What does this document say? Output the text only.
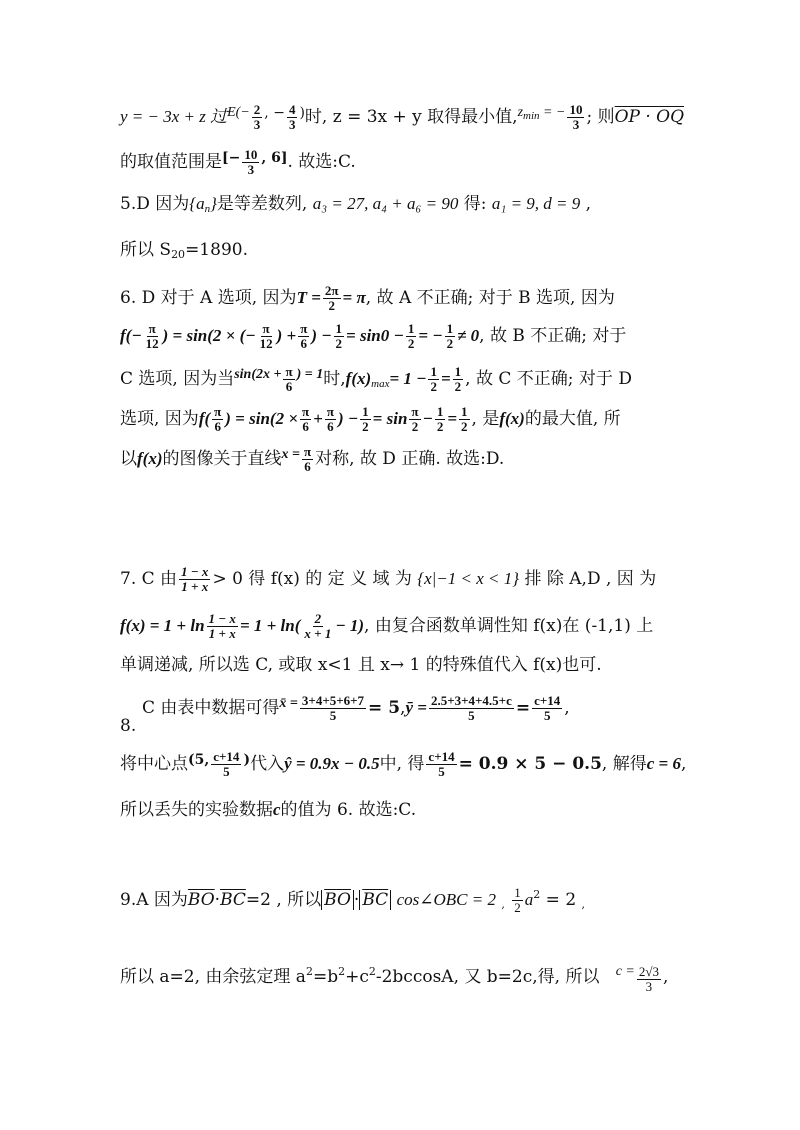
y = − 3x + z 过$E(- \frac{2}{3}$ , − $\frac{4}{3}$ )时, z = 3x + y 取得最小值$,z_{min}$ = − $\frac{10}{3}$ ; 则OP · OQ
的取值范围是[− $\frac{10}{3}$ , 6]. 故选:C.
5.D 因为$\{a_n\}$是等差数列, a₃ = 27, a₄ + a₆ = 90 得: a₁ = 9, d = 9 ,
所以 $S_{20}=1890$.
6. D 对于 A 选项, 因为$T = \frac{2\pi}{2} = \pi$, 故 A 不正确; 对于 B 选项, 因为
$f(- \frac{\pi}{12}$ ) = sin(2 × (− $\frac{\pi}{12}$ ) + $\frac{\pi}{6}$ ) − $\frac{1}{2} = \sin 0 - \frac{1}{2}$ = − $\frac{1}{2} \ne 0$, 故 B 不正确; 对于
C 选项, 因为当$\sin(2x + \frac{\pi}{6}$ ) = 1时$,f(x)_{max}= 1 - \frac{1}{2} = \frac{1}{2}$ , 故 C 不正确; 对于 D
选项, 因为$f( \frac{\pi}{6}$ ) = $\sin(2 \times \frac{\pi}{6} + \frac{\pi}{6}$ ) − $\frac{1}{2} = \sin \frac{\pi}{2} - \frac{1}{2} = \frac{1}{2}$ , 是f(x)的最大值, 所
以f(x)的图像关于直线$x = \frac{\pi}{6}$ 对称, 故 D 正确. 故选:D.
7. C 由 $\frac{1 - x}{1 + x} > 0$ 得 f(x) 的 定 义 域 为 {x|−1 < x < 1} 排 除 A,D , 因 为
$f(x) = 1 + \ln \frac{1 - x}{1 + x} = 1 + \ln( \frac{2}{x + 1} - 1)$, 由复合函数单调性知 f(x)在 (-1,1) 上
单调递减, 所以选 C, 或取 x<1 且 x→ 1 的特殊值代入 f(x)也可.
C 由表中数据可得x̄ = $\frac{3+4+5+6+7}{5}$ = 5,ȳ = $\frac{2.5+3+4+4.5+c}{5} = \frac{c+14}{5}$ ,
8.
将中心点(5, $\frac{c+14}{5}$ )代入ŷ = 0.9x − 0.5中, 得 $\frac{c+14}{5} = 0.9 \times 5 - 0.5$, 解得c = 6,
所以丢失的实验数据c的值为 6. 故选:C.
9.A 因为$\overline{BO}\cdot\overline{BC}=2$ , 所以 $\overline{BO} \cdot \overline{BC}$ cos∠OBC = 2 $_, \frac{1}{2} a^2 = 2$ $_,$
所以 a=2, 由余弦定理 $a^2=b^2+c^2-2bccosA$, 又 b=2c,得, 所以 $c = \frac{2√3}{3}$ ,
